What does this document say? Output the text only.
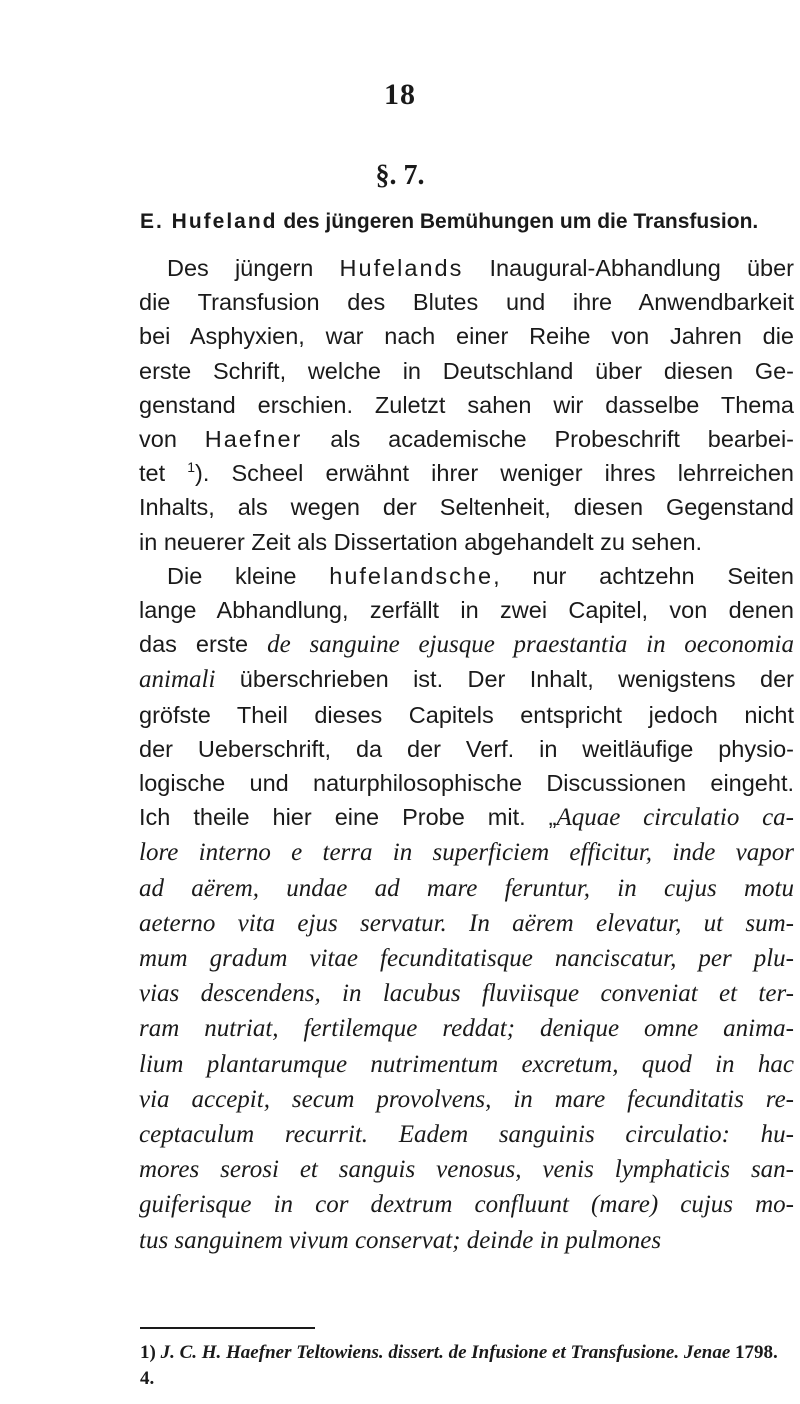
18
§. 7.
E. Hufeland des jüngeren Bemühungen um die Transfusion.
Des jüngern Hufelands Inaugural-Abhandlung über
die Transfusion des Blutes und ihre Anwendbarkeit
bei Asphyxien, war nach einer Reihe von Jahren die
erste Schrift, welche in Deutschland über diesen Ge-
genstand erschien. Zuletzt sahen wir dasselbe Thema
von Haefner als academische Probeschrift bearbei-
tet $^1$). Scheel erwähnt ihrer weniger ihres lehrreichen
Inhalts, als wegen der Seltenheit, diesen Gegenstand
in neuerer Zeit als Dissertation abgehandelt zu sehen.
Die kleine hufelandsche, nur achtzehn Seiten
lange Abhandlung, zerfällt in zwei Capitel, von denen
das erste de sanguine ejusque praestantia in oeconomia
animali überschrieben ist. Der Inhalt, wenigstens der
gröfste Theil dieses Capitels entspricht jedoch nicht
der Ueberschrift, da der Verf. in weitläufige physio-
logische und naturphilosophische Discussionen eingeht.
Ich theile hier eine Probe mit. „Aquae circulatio ca-
lore interno e terra in superficiem efficitur, inde vapor
ad aërem, undae ad mare feruntur, in cujus motu
aeterno vita ejus servatur. In aërem elevatur, ut sum-
mum gradum vitae fecunditatisque nanciscatur, per plu-
vias descendens, in lacubus fluviisque conveniat et ter-
ram nutriat, fertilemque reddat; denique omne anima-
lium plantarumque nutrimentum excretum, quod in hac
via accepit, secum provolvens, in mare fecunditatis re-
ceptaculum recurrit. Eadem sanguinis circulatio: hu-
mores serosi et sanguis venosus, venis lymphaticis san-
guiferisque in cor dextrum confluunt (mare) cujus mo-
tus sanguinem vivum conservat; deinde in pulmones
1) J. C. H. Haefner Teltowiens. dissert. de Infusione et Transfusione. Jenae 1798. 4.
